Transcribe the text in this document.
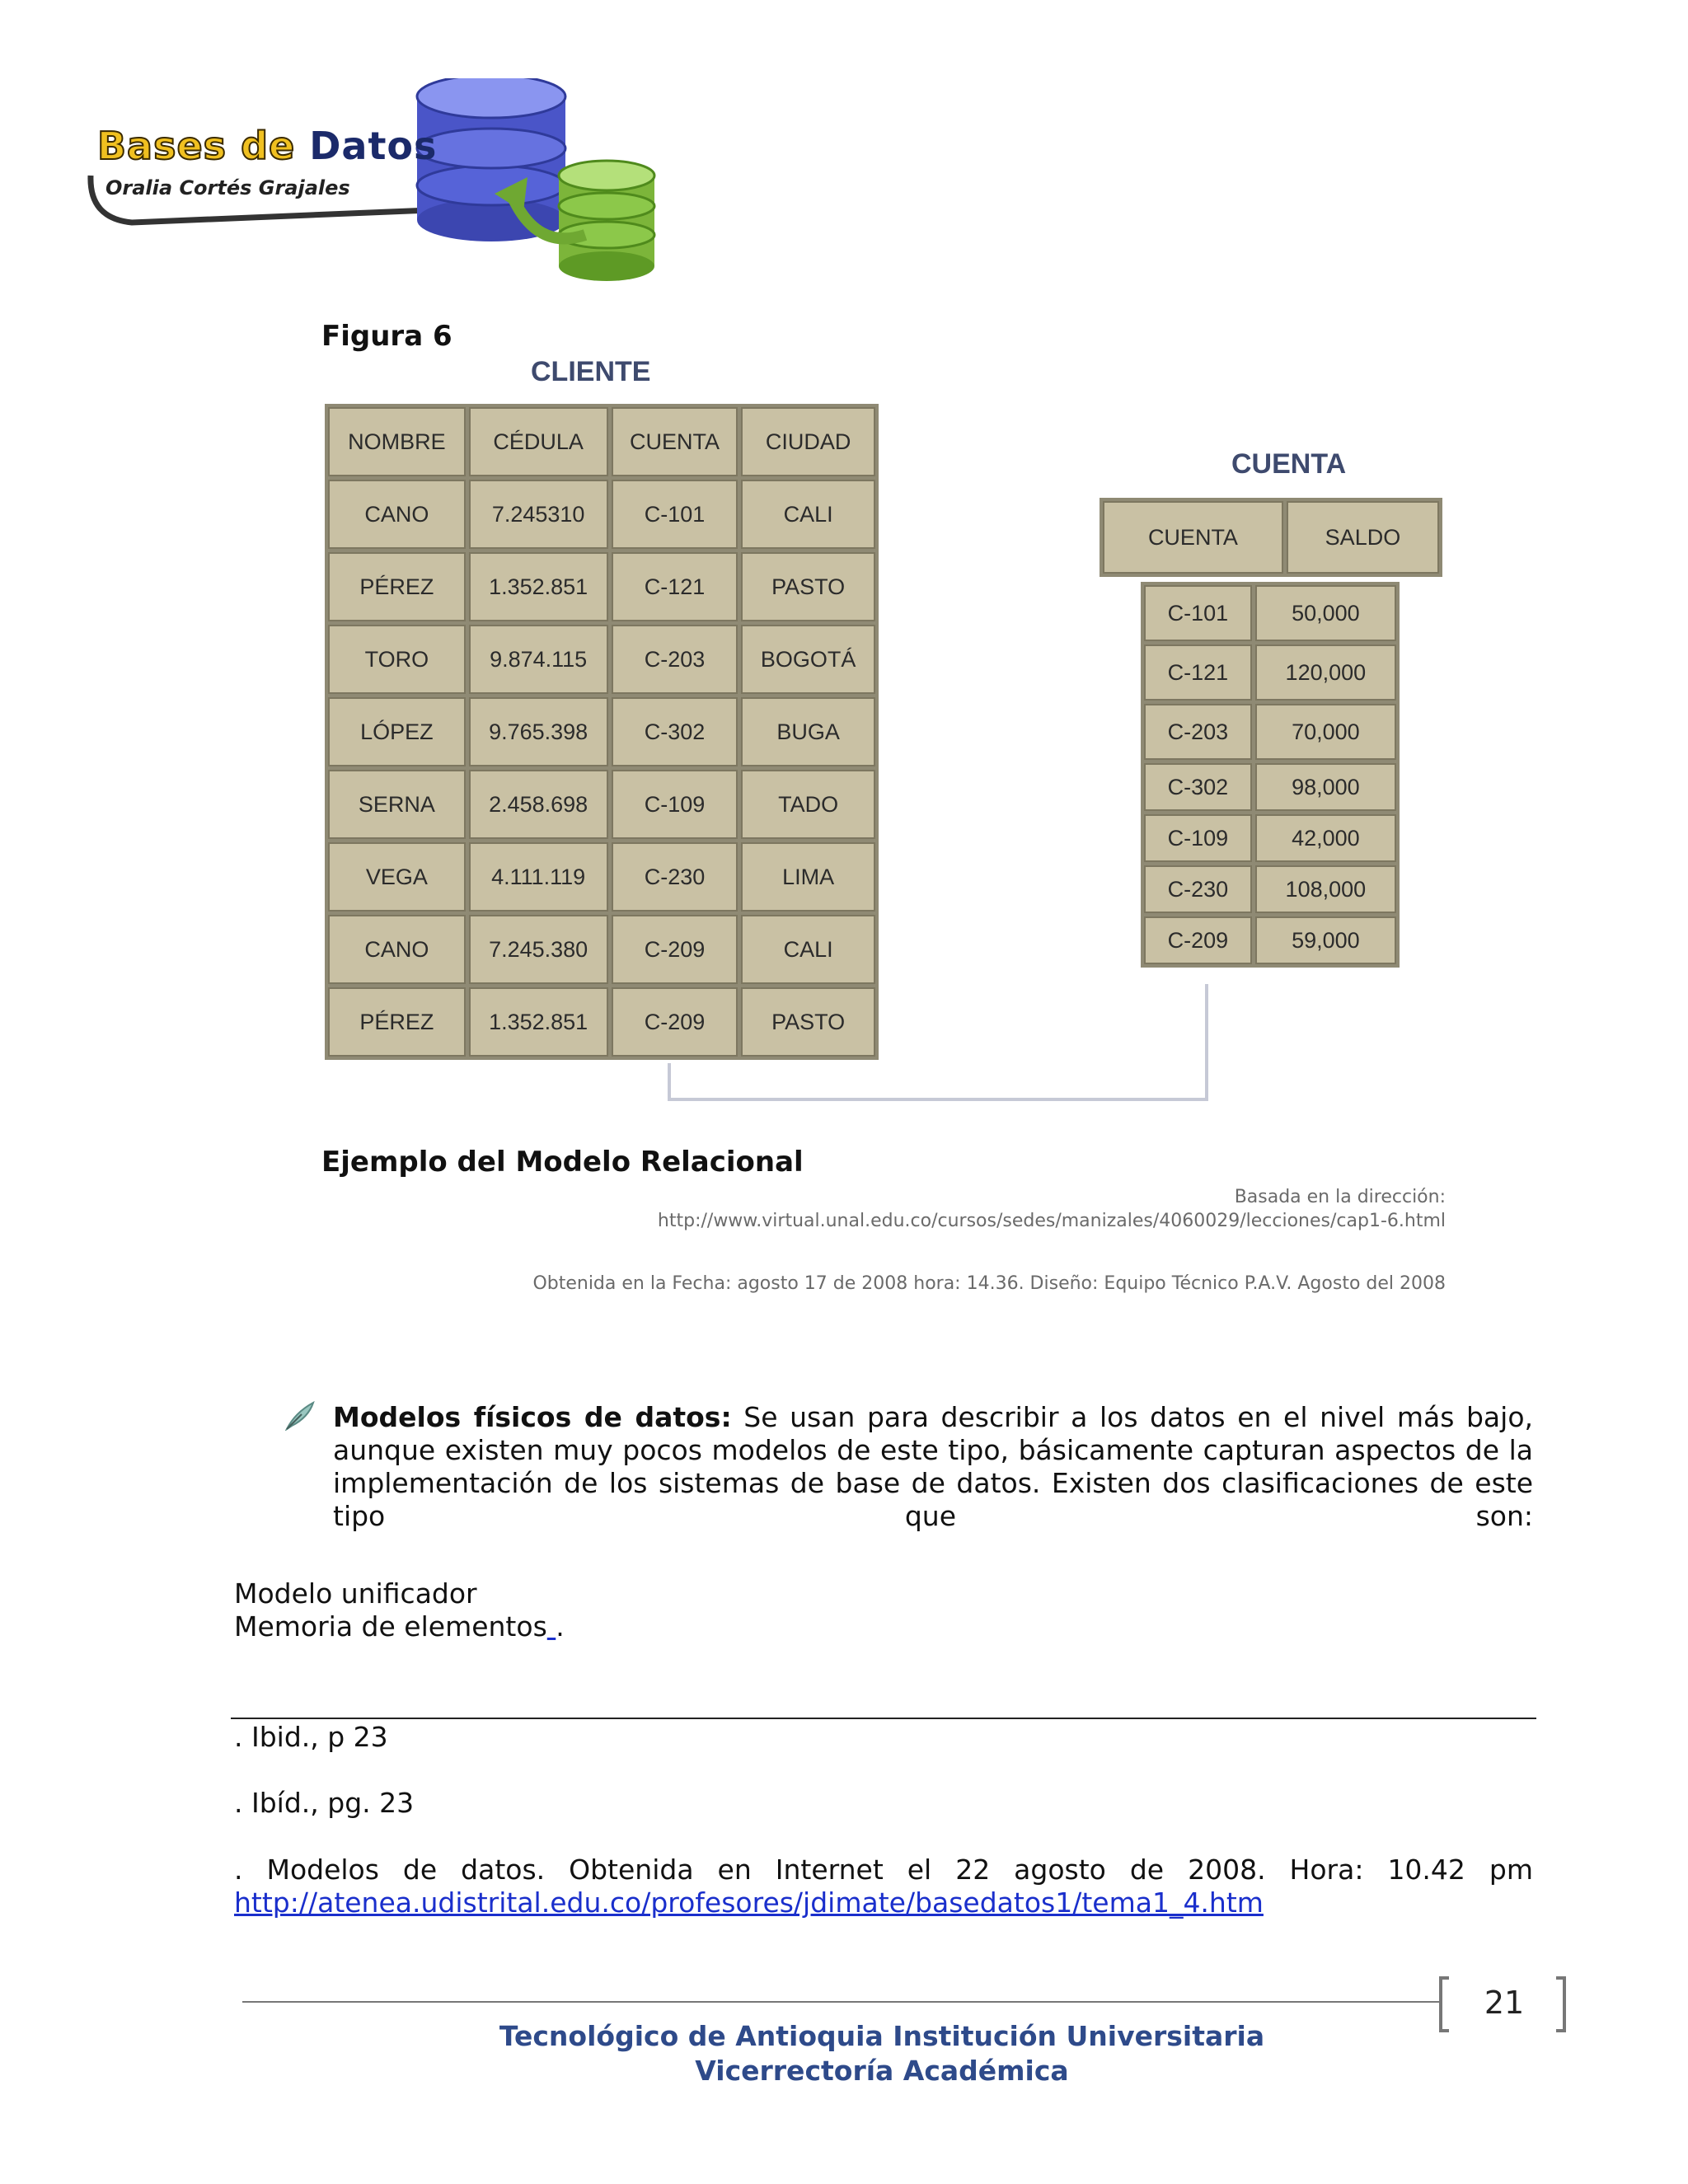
Bases de Datos
Oralia Cortés Grajales
Figura 6
CLIENTE
NOMBRE	CÉDULA	CUENTA	CIUDAD
CANO	7.245310	C-101	CALI
PÉREZ	1.352.851	C-121	PASTO
TORO	9.874.115	C-203	BOGOTÁ
LÓPEZ	9.765.398	C-302	BUGA
SERNA	2.458.698	C-109	TADO
VEGA	4.111.119	C-230	LIMA
CANO	7.245.380	C-209	CALI
PÉREZ	1.352.851	C-209	PASTO
CUENTA
CUENTA	SALDO
C-101	50,000
C-121	120,000
C-203	70,000
C-302	98,000
C-109	42,000
C-230	108,000
C-209	59,000
Ejemplo del Modelo Relacional
Basada en la dirección:
http://www.virtual.unal.edu.co/cursos/sedes/manizales/4060029/lecciones/cap1-6.html
Obtenida en la Fecha: agosto 17 de 2008 hora: 14.36. Diseño: Equipo Técnico P.A.V. Agosto del 2008
Modelos físicos de datos: Se usan para describir a los datos en el nivel más bajo, aunque existen muy pocos modelos de este tipo, básicamente capturan aspectos de la implementación de los sistemas de base de datos. Existen dos clasificaciones de este tipo que son:
Modelo unificador
Memoria de elementos .
. Ibid., p 23
. Ibíd., pg. 23
. Modelos de datos. Obtenida en Internet el 22 agosto de 2008. Hora: 10.42 pm
http://atenea.udistrital.edu.co/profesores/jdimate/basedatos1/tema1_4.htm
21
Tecnológico de Antioquia Institución Universitaria
Vicerrectoría Académica
